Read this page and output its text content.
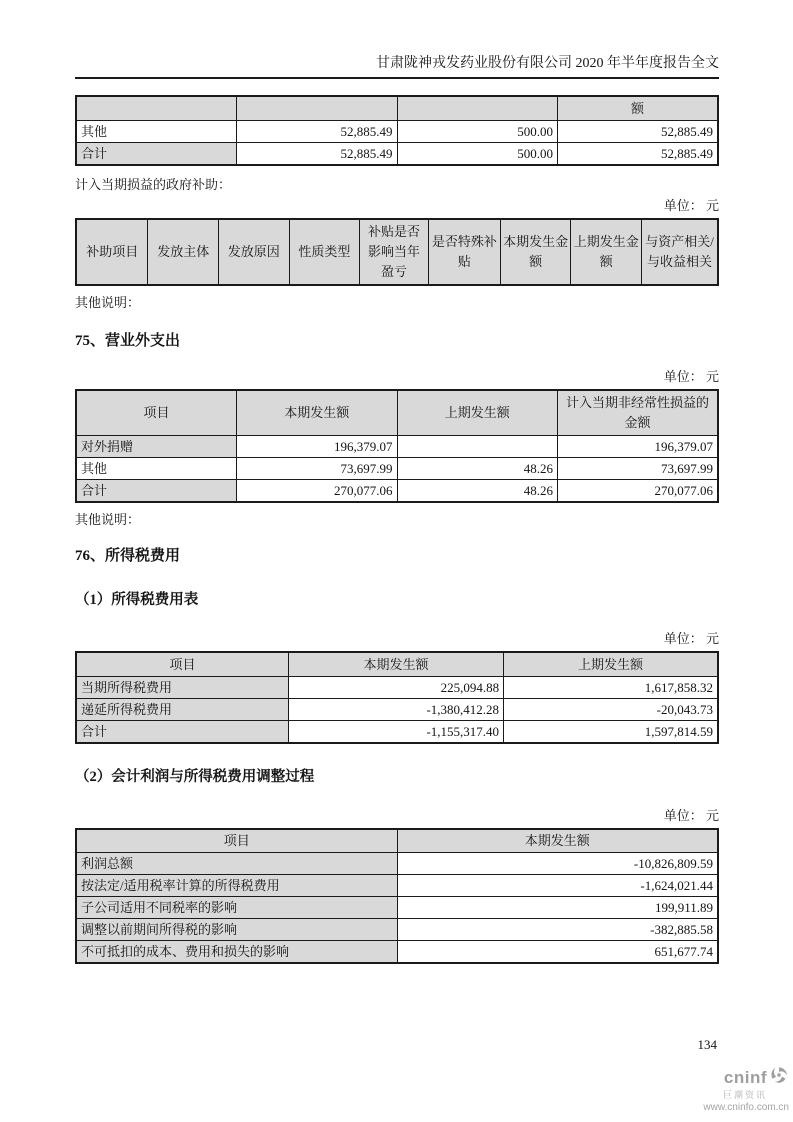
甘肃陇神戎发药业股份有限公司 2020 年半年度报告全文
			额
其他	52,885.49	500.00	52,885.49
合计	52,885.49	500.00	52,885.49
计入当期损益的政府补助：
单位： 元
补助项目	发放主体	发放原因	性质类型	补贴是否影响当年盈亏	是否特殊补贴	本期发生金额	上期发生金额	与资产相关/与收益相关
其他说明：
75、营业外支出
单位： 元
项目	本期发生额	上期发生额	计入当期非经常性损益的金额
对外捐赠	196,379.07		196,379.07
其他	73,697.99	48.26	73,697.99
合计	270,077.06	48.26	270,077.06
其他说明：
76、所得税费用
（1）所得税费用表
单位： 元
项目	本期发生额	上期发生额
当期所得税费用	225,094.88	1,617,858.32
递延所得税费用	-1,380,412.28	-20,043.73
合计	-1,155,317.40	1,597,814.59
（2）会计利润与所得税费用调整过程
单位： 元
项目	本期发生额
利润总额	-10,826,809.59
按法定/适用税率计算的所得税费用	-1,624,021.44
子公司适用不同税率的影响	199,911.89
调整以前期间所得税的影响	-382,885.58
不可抵扣的成本、费用和损失的影响	651,677.74
134
cninf
巨潮资讯
www.cninfo.com.cn
